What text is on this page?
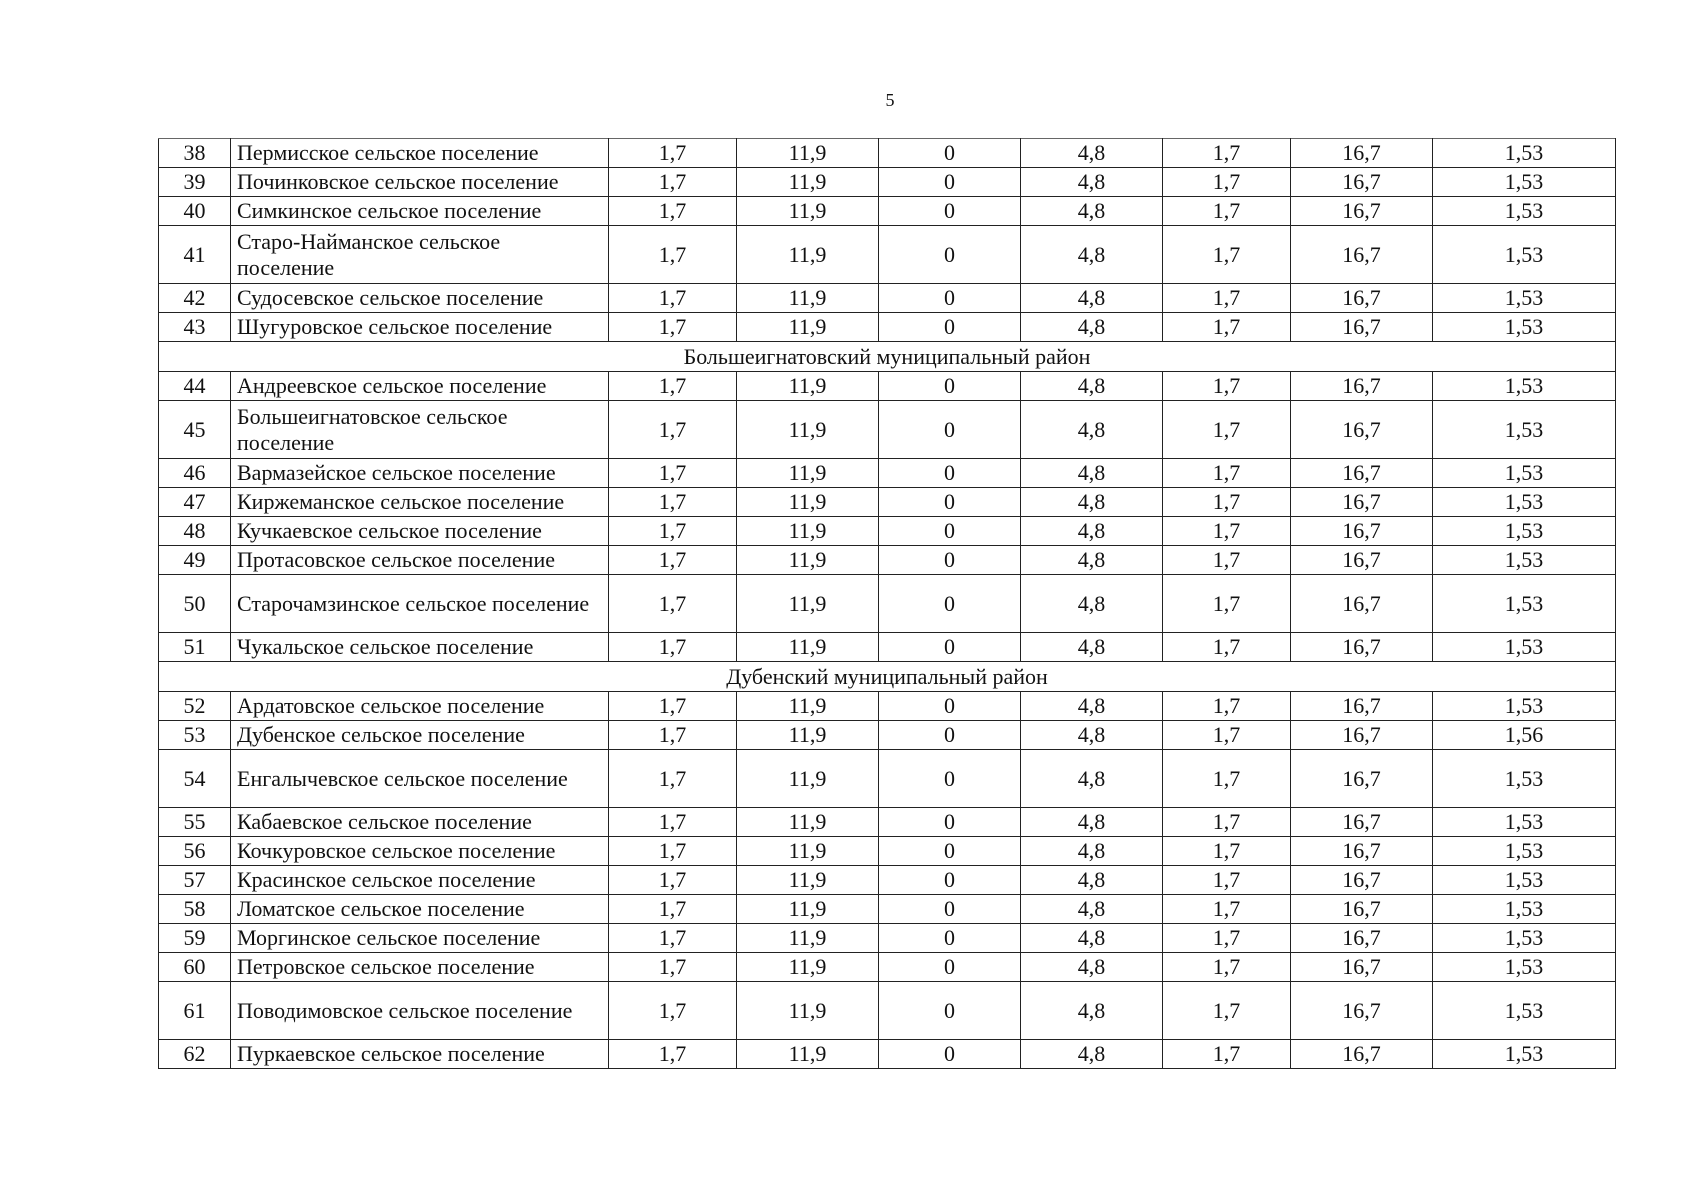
5
38	Пермисское сельское поселение	1,7	11,9	0	4,8	1,7	16,7	1,53
39	Починковское сельское поселение	1,7	11,9	0	4,8	1,7	16,7	1,53
40	Симкинское сельское поселение	1,7	11,9	0	4,8	1,7	16,7	1,53
41	Старо-Найманское сельское поселение	1,7	11,9	0	4,8	1,7	16,7	1,53
42	Судосевское сельское поселение	1,7	11,9	0	4,8	1,7	16,7	1,53
43	Шугуровское сельское поселение	1,7	11,9	0	4,8	1,7	16,7	1,53
Большеигнатовский муниципальный район								
44	Андреевское сельское поселение	1,7	11,9	0	4,8	1,7	16,7	1,53
45	Большеигнатовское сельское поселение	1,7	11,9	0	4,8	1,7	16,7	1,53
46	Вармазейское сельское поселение	1,7	11,9	0	4,8	1,7	16,7	1,53
47	Киржеманское сельское поселение	1,7	11,9	0	4,8	1,7	16,7	1,53
48	Кучкаевское сельское поселение	1,7	11,9	0	4,8	1,7	16,7	1,53
49	Протасовское сельское поселение	1,7	11,9	0	4,8	1,7	16,7	1,53
50	Старочамзинское сельское поселение	1,7	11,9	0	4,8	1,7	16,7	1,53
51	Чукальское сельское поселение	1,7	11,9	0	4,8	1,7	16,7	1,53
Дубенский муниципальный район								
52	Ардатовское сельское поселение	1,7	11,9	0	4,8	1,7	16,7	1,53
53	Дубенское сельское поселение	1,7	11,9	0	4,8	1,7	16,7	1,56
54	Енгалычевское сельское поселение	1,7	11,9	0	4,8	1,7	16,7	1,53
55	Кабаевское сельское поселение	1,7	11,9	0	4,8	1,7	16,7	1,53
56	Кочкуровское сельское поселение	1,7	11,9	0	4,8	1,7	16,7	1,53
57	Красинское сельское поселение	1,7	11,9	0	4,8	1,7	16,7	1,53
58	Ломатское сельское поселение	1,7	11,9	0	4,8	1,7	16,7	1,53
59	Моргинское сельское поселение	1,7	11,9	0	4,8	1,7	16,7	1,53
60	Петровское сельское поселение	1,7	11,9	0	4,8	1,7	16,7	1,53
61	Поводимовское сельское поселение	1,7	11,9	0	4,8	1,7	16,7	1,53
62	Пуркаевское сельское поселение	1,7	11,9	0	4,8	1,7	16,7	1,53
